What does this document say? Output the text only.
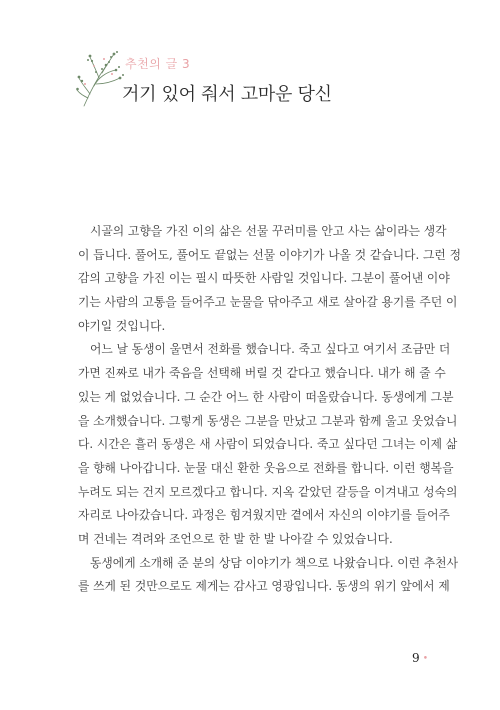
추천의 글 3
거기 있어 줘서 고마운 당신
시골의 고향을 가진 이의 삶은 선물 꾸러미를 안고 사는 삶이라는 생각
이 듭니다. 풀어도, 풀어도 끝없는 선물 이야기가 나올 것 같습니다. 그런 정
감의 고향을 가진 이는 필시 따뜻한 사람일 것입니다. 그분이 풀어낸 이야
기는 사람의 고통을 들어주고 눈물을 닦아주고 새로 살아갈 용기를 주던 이
야기일 것입니다.
어느 날 동생이 울면서 전화를 했습니다. 죽고 싶다고 여기서 조금만 더
가면 진짜로 내가 죽음을 선택해 버릴 것 같다고 했습니다. 내가 해 줄 수
있는 게 없었습니다. 그 순간 어느 한 사람이 떠올랐습니다. 동생에게 그분
을 소개했습니다. 그렇게 동생은 그분을 만났고 그분과 함께 울고 웃었습니
다. 시간은 흘러 동생은 새 사람이 되었습니다. 죽고 싶다던 그녀는 이제 삶
을 향해 나아갑니다. 눈물 대신 환한 웃음으로 전화를 합니다. 이런 행복을
누려도 되는 건지 모르겠다고 합니다. 지옥 같았던 갈등을 이겨내고 성숙의
자리로 나아갔습니다. 과정은 힘겨웠지만 곁에서 자신의 이야기를 들어주
며 건네는 격려와 조언으로 한 발 한 발 나아갈 수 있었습니다.
동생에게 소개해 준 분의 상담 이야기가 책으로 나왔습니다. 이런 추천사
를 쓰게 된 것만으로도 제게는 감사고 영광입니다. 동생의 위기 앞에서 제
9 •
